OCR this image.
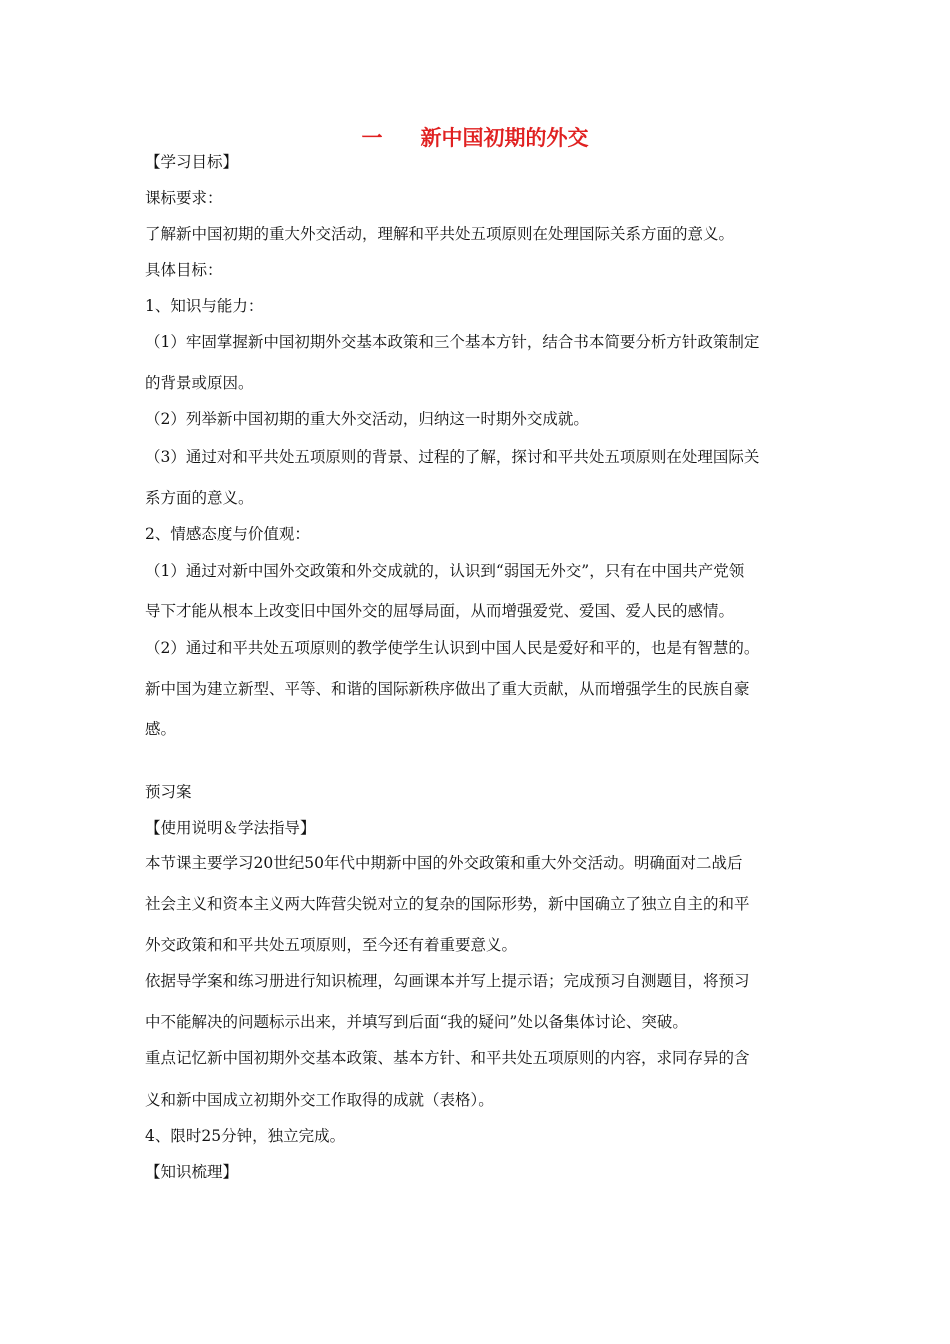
一 新中国初期的外交
【学习目标】
课标要求：
了解新中国初期的重大外交活动，理解和平共处五项原则在处理国际关系方面的意义。
具体目标：
1、知识与能力：
（1）牢固掌握新中国初期外交基本政策和三个基本方针，结合书本简要分析方针政策制定
的背景或原因。
（2）列举新中国初期的重大外交活动，归纳这一时期外交成就。
（3）通过对和平共处五项原则的背景、过程的了解，探讨和平共处五项原则在处理国际关
系方面的意义。
2、情感态度与价值观：
（1）通过对新中国外交政策和外交成就的，认识到“弱国无外交”，只有在中国共产党领
导下才能从根本上改变旧中国外交的屈辱局面，从而增强爱党、爱国、爱人民的感情。
（2）通过和平共处五项原则的教学使学生认识到中国人民是爱好和平的，也是有智慧的。
新中国为建立新型、平等、和谐的国际新秩序做出了重大贡献，从而增强学生的民族自豪
感。
预习案
【使用说明＆学法指导】
本节课主要学习20世纪50年代中期新中国的外交政策和重大外交活动。明确面对二战后
社会主义和资本主义两大阵营尖锐对立的复杂的国际形势，新中国确立了独立自主的和平
外交政策和和平共处五项原则，至今还有着重要意义。
依据导学案和练习册进行知识梳理，勾画课本并写上提示语；完成预习自测题目，将预习
中不能解决的问题标示出来，并填写到后面“我的疑问”处以备集体讨论、突破。
重点记忆新中国初期外交基本政策、基本方针、和平共处五项原则的内容，求同存异的含
义和新中国成立初期外交工作取得的成就（表格）。
4、限时25分钟，独立完成。
【知识梳理】
